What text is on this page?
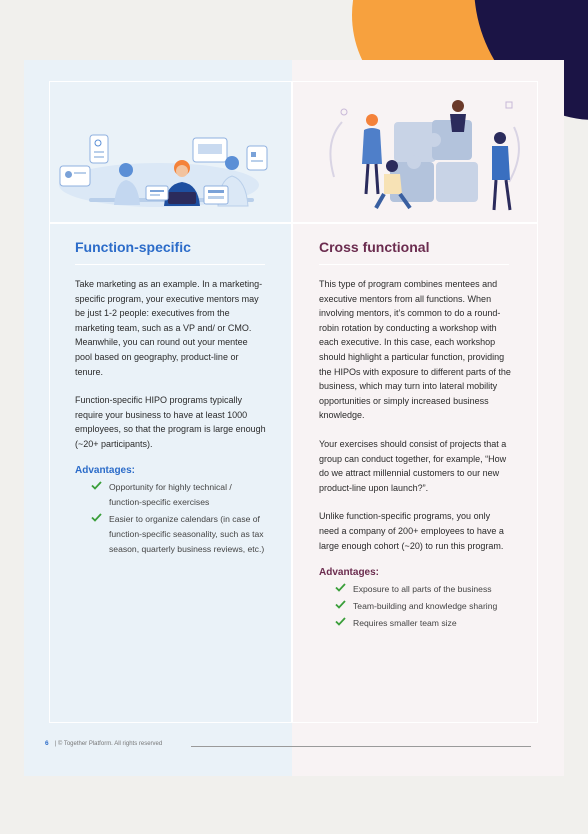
Function-specific

Take marketing as an example. In a marketing-specific program, your executive mentors may be just 1-2 people: executives from the marketing team, such as a VP and/ or CMO. Meanwhile, you can round out your mentee pool based on geography, product-line or tenure.

Function-specific HIPO programs typically require your business to have at least 1000 employees, so that the program is large enough (~20+ participants).

Advantages:
Opportunity for highly technical / function-specific exercises
Easier to organize calendars (in case of function-specific seasonality, such as tax season, quarterly business reviews, etc.)
Cross functional

This type of program combines mentees and executive mentors from all functions. When involving mentors, it’s common to do a round-robin rotation by conducting a workshop with each executive. In this case, each workshop should highlight a particular function, providing the HIPOs with exposure to different parts of the business, which may turn into lateral mobility opportunities or simply increased business knowledge.

Your exercises should consist of projects that a group can conduct together, for example, “How do we attract millennial customers to our new product-line upon launch?”.

Unlike function-specific programs, you only need a company of 200+ employees to have a large enough cohort (~20) to run this program.

Advantages:
Exposure to all parts of the business
Team-building and knowledge sharing
Requires smaller team size
6 | © Together Platform. All rights reserved
